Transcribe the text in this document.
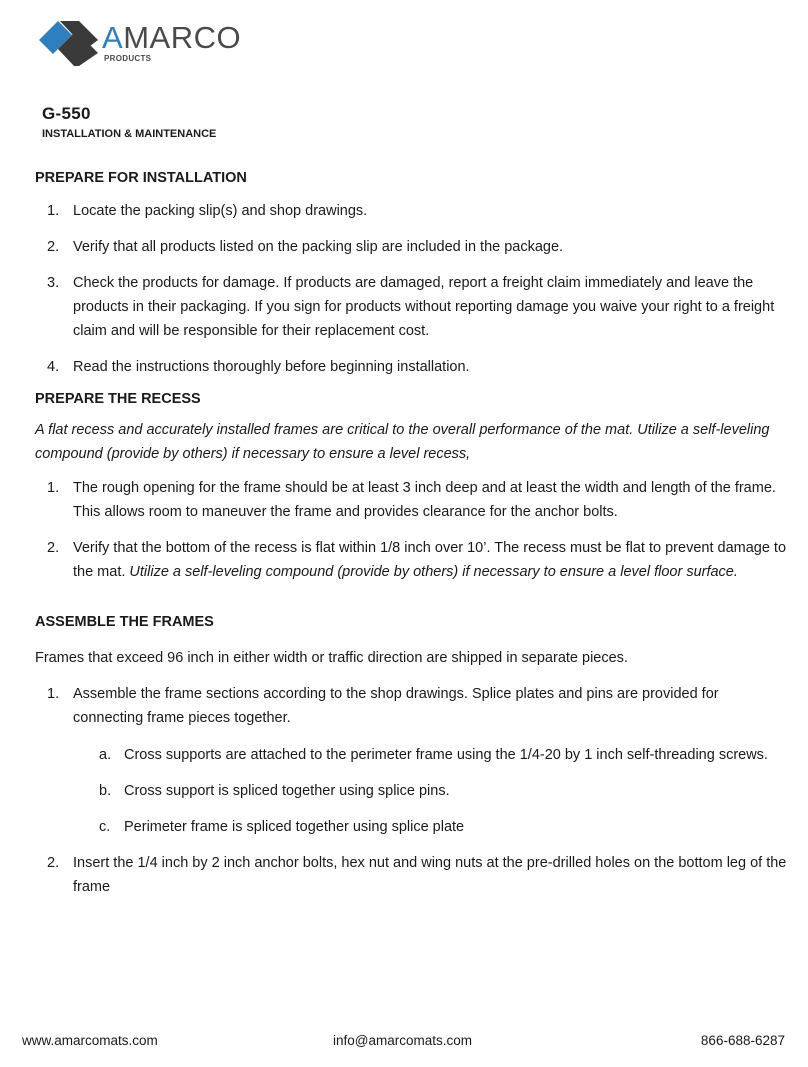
AMARCO
PRODUCTS
G-550
INSTALLATION & MAINTENANCE
PREPARE FOR INSTALLATION
1. Locate the packing slip(s) and shop drawings.
2. Verify that all products listed on the packing slip are included in the package.
3. Check the products for damage. If products are damaged, report a freight claim immediately and leave the products in their packaging. If you sign for products without reporting damage you waive your right to a freight claim and will be responsible for their replacement cost.
4. Read the instructions thoroughly before beginning installation.
PREPARE THE RECESS

A flat recess and accurately installed frames are critical to the overall performance of the mat. Utilize a self-leveling compound (provide by others) if necessary to ensure a level recess,

1. The rough opening for the frame should be at least 3 inch deep and at least the width and length of the frame. This allows room to maneuver the frame and provides clearance for the anchor bolts.
2. Verify that the bottom of the recess is flat within 1/8 inch over 10’. The recess must be flat to prevent damage to the mat. Utilize a self-leveling compound (provide by others) if necessary to ensure a level floor surface.
ASSEMBLE THE FRAMES

Frames that exceed 96 inch in either width or traffic direction are shipped in separate pieces.

1. Assemble the frame sections according to the shop drawings. Splice plates and pins are provided for connecting frame pieces together.
a. Cross supports are attached to the perimeter frame using the 1/4-20 by 1 inch self-threading screws.
b. Cross support is spliced together using splice pins.
c. Perimeter frame is spliced together using splice plate
2. Insert the 1/4 inch by 2 inch anchor bolts, hex nut and wing nuts at the pre-drilled holes on the bottom leg of the frame
www.amarcomats.com	info@amarcomats.com	866-688-6287
